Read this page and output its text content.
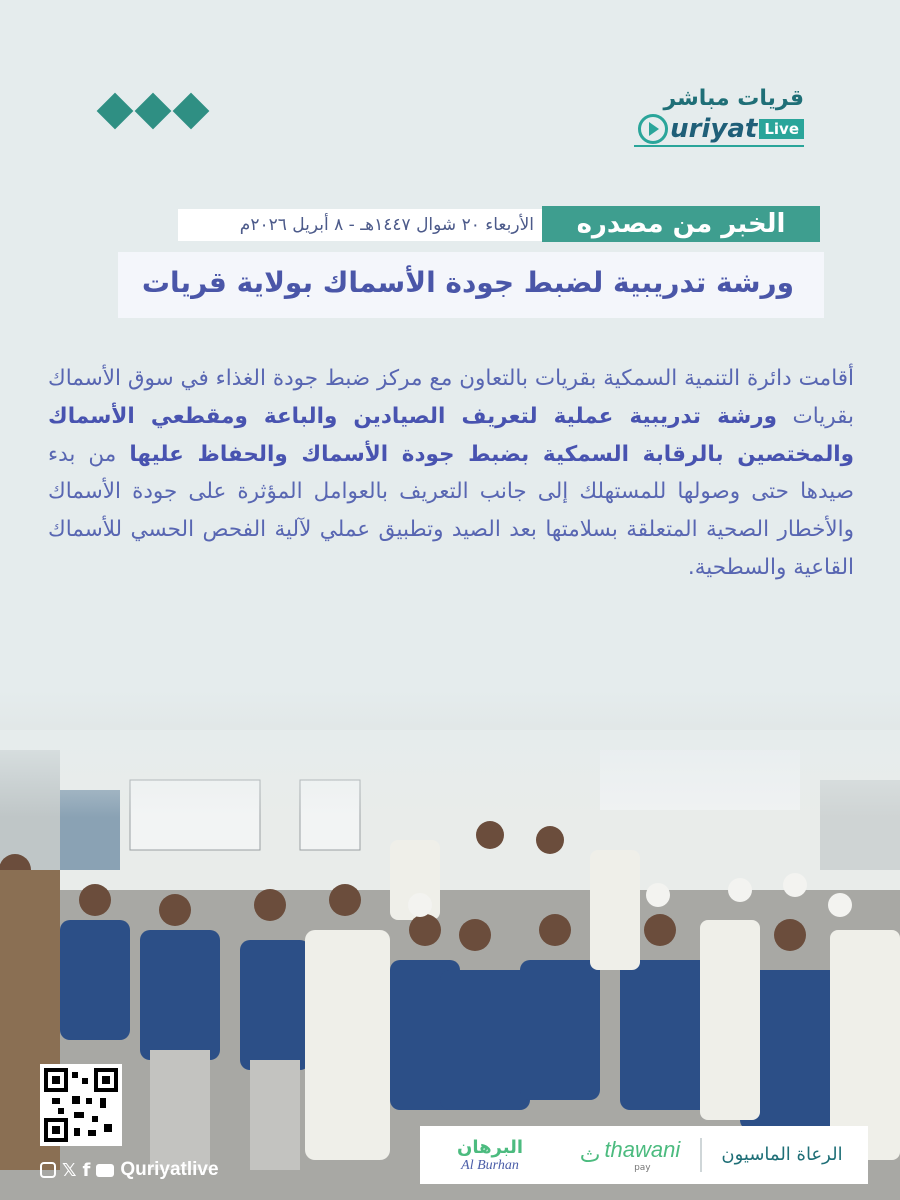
قريات مباشر
uriyat Live
الأربعاء ٢٠ شوال ١٤٤٧هـ - ٨ أبريل ٢٠٢٦م	الخبر من مصدره
ورشة تدريبية لضبط جودة الأسماك بولاية قريات
أقامت دائرة التنمية السمكية بقريات بالتعاون مع مركز ضبط جودة الغذاء في سوق الأسماك بقريات ورشة تدريبية عملية لتعريف الصيادين والباعة ومقطعي الأسماك والمختصين بالرقابة السمكية بضبط جودة الأسماك والحفاظ عليها من بدء صيدها حتى وصولها للمستهلك إلى جانب التعريف بالعوامل المؤثرة على جودة الأسماك والأخطار الصحية المتعلقة بسلامتها بعد الصيد وتطبيق عملي لآلية الفحص الحسي للأسماك القاعية والسطحية.
𝕏 f Quriyatlive
الرعاة الماسيون
ث thawani
pay
البرهان
Al Burhan
